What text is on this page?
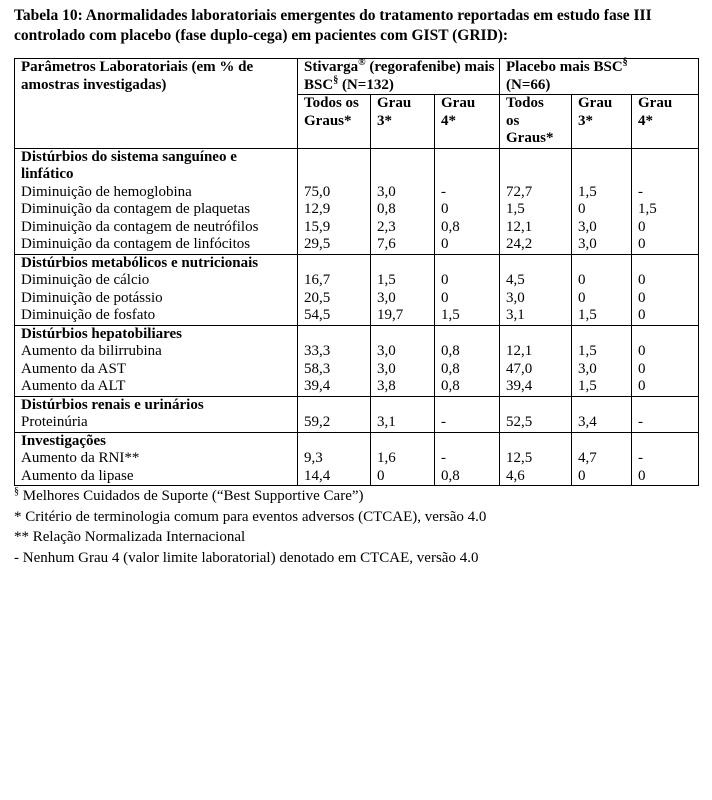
Tabela 10: Anormalidades laboratoriais emergentes do tratamento reportadas em estudo fase III controlado com placebo (fase duplo-cega) em pacientes com GIST (GRID):

Parâmetros Laboratoriais (em % de amostras investigadas)	Stivarga® (regorafenibe) mais BSC§ (N=132)			Placebo mais BSC§
(N=66)		

	Todos os Graus*	Grau 3*	Grau 4*	Todos os Graus*	Grau 3*	Grau 4*

Distúrbios do sistema sanguíneo e linfático						
Diminuição de hemoglobina	75,0	3,0	-	72,7	1,5	-
Diminuição da contagem de plaquetas	12,9	0,8	0	1,5	0	1,5
Diminuição da contagem de neutrófilos	15,9	2,3	0,8	12,1	3,0	0
Diminuição da contagem de linfócitos	29,5	7,6	0	24,2	3,0	0
Distúrbios metabólicos e nutricionais						
Diminuição de cálcio	16,7	1,5	0	4,5	0	0
Diminuição de potássio	20,5	3,0	0	3,0	0	0
Diminuição de fosfato	54,5	19,7	1,5	3,1	1,5	0
Distúrbios hepatobiliares						
Aumento da bilirrubina	33,3	3,0	0,8	12,1	1,5	0
Aumento da AST	58,3	3,0	0,8	47,0	3,0	0
Aumento da ALT	39,4	3,8	0,8	39,4	1,5	0
Distúrbios renais e urinários						
Proteinúria	59,2	3,1	-	52,5	3,4	-
Investigações						
Aumento da RNI**	9,3	1,6	-	12,5	4,7	-
Aumento da lipase	14,4	0	0,8	4,6	0	0

§ Melhores Cuidados de Suporte (“Best Supportive Care”)

* Critério de terminologia comum para eventos adversos (CTCAE), versão 4.0

** Relação Normalizada Internacional

- Nenhum Grau 4 (valor limite laboratorial) denotado em CTCAE, versão 4.0
